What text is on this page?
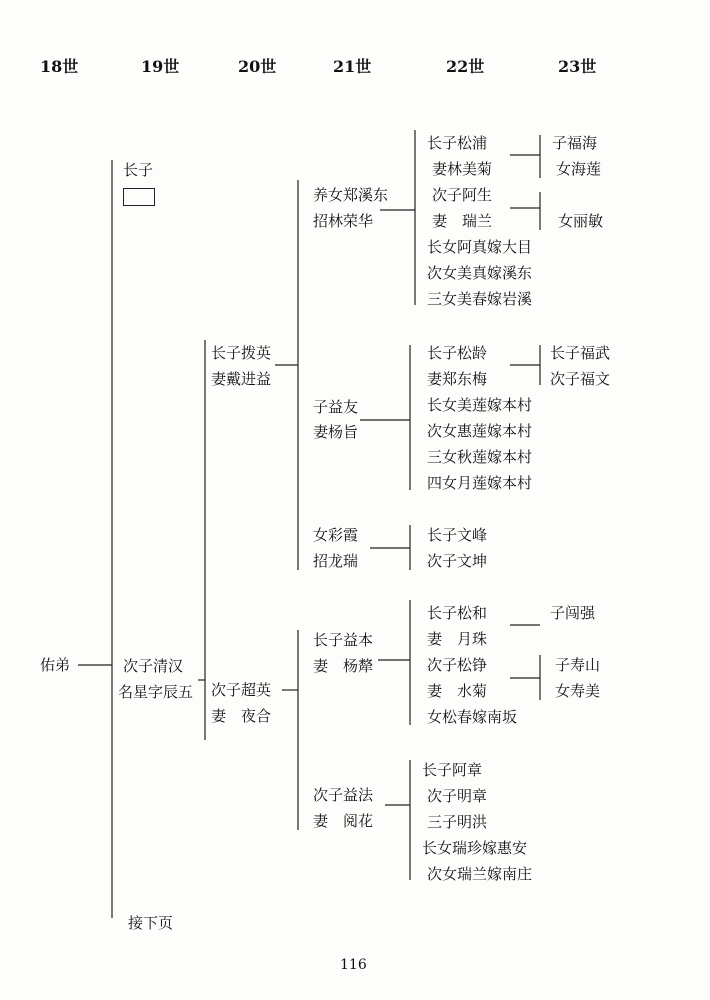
18世	19世	20世	21世	22世	23世
佑弟
长子
次子清汉
名星字辰五
长子拨英
妻戴进益
次子超英
妻　夜合
养女郑溪东
招林荣华
子益友
妻杨旨
女彩霞
招龙瑞
长子益本
妻　杨犛
次子益法
妻　阅花
长子松浦
妻林美菊
次子阿生
妻　瑞兰
长女阿真嫁大目
次女美真嫁溪东
三女美春嫁岩溪
长子松龄
妻郑东梅
长女美莲嫁本村
次女惠莲嫁本村
三女秋莲嫁本村
四女月莲嫁本村
长子文峰
次子文坤
长子松和
妻　月珠
次子松铮
妻　水菊
女松春嫁南坂
长子阿章
次子明章
三子明洪
长女瑞珍嫁惠安
次女瑞兰嫁南庄
子福海
女海莲
女丽敏
长子福武
次子福文
子闯强
子寿山
女寿美
接下页
116
